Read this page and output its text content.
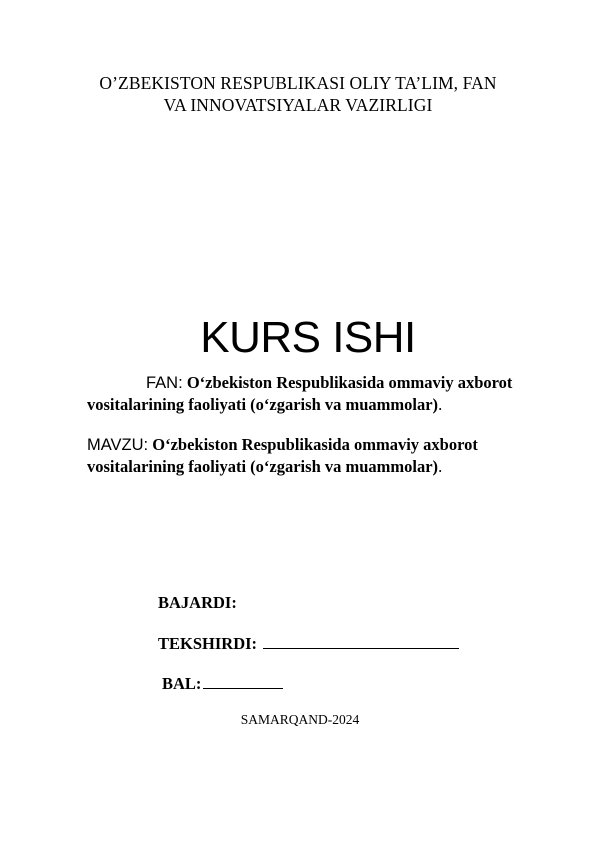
O’ZBEKISTON RESPUBLIKASI OLIY TA’LIM, FAN
VA INNOVATSIYALAR VAZIRLIGI
KURS ISHI
FAN: O‘zbekiston Respublikasida ommaviy axborot
vositalarining faoliyati (o‘zgarish va muammolar).
MAVZU: O‘zbekiston Respublikasida ommaviy axborot
vositalarining faoliyati (o‘zgarish va muammolar).
BAJARDI:
TEKSHIRDI:
BAL:
SAMARQAND-2024
